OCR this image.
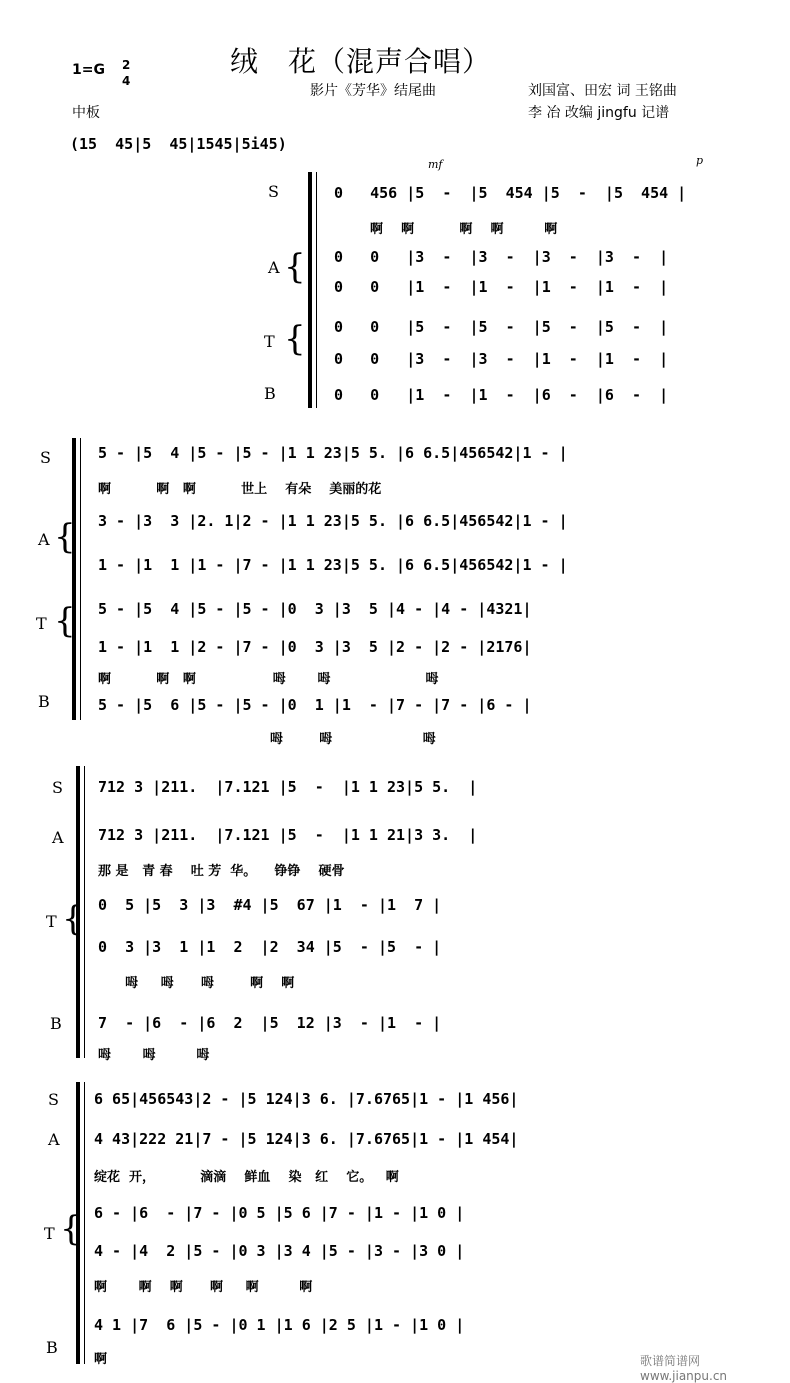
1=G 2
4
绒　花（混声合唱）
影片《芳华》结尾曲	刘国富、田宏 词 王铭曲
中板	李 冶 改编 jingfu 记谱
(15  45|5  45|1545|5i45)
S
A {
T {
B
mf	p
0   456 |5  -  |5  454 |5  -  |5  454 |
啊    啊          啊    啊         啊
0   0   |3  -  |3  -  |3  -  |3  -  |
0   0   |1  -  |1  -  |1  -  |1  -  |
0   0   |5  -  |5  -  |5  -  |5  -  |
0   0   |3  -  |3  -  |1  -  |1  -  |
0   0   |1  -  |1  -  |6  -  |6  -  |
S
A {
T {
B
5 - |5  4 |5 - |5 - |1 1 23|5 5. |6 6.5|456542|1 - |
啊          啊   啊          世上    有朵    美丽的花
3 - |3  3 |2. 1|2 - |1 1 23|5 5. |6 6.5|456542|1 - |
1 - |1  1 |1 - |7 - |1 1 23|5 5. |6 6.5|456542|1 - |
5 - |5  4 |5 - |5 - |0  3 |3  5 |4 - |4 - |4321|
1 - |1  1 |2 - |7 - |0  3 |3  5 |2 - |2 - |2176|
啊          啊   啊                 呣       呣                     呣
5 - |5  6 |5 - |5 - |0  1 |1  - |7 - |7 - |6 - |
呣        呣                    呣
S
A
T {
B
712 3 |211.  |7.121 |5  -  |1 1 23|5 5.  |
712 3 |211.  |7.121 |5  -  |1 1 21|3 3.  |
那 是   青 春    吐 芳  华。    铮铮    硬骨
0  5 |5  3 |3  #4 |5  67 |1  - |1  7 |
0  3 |3  1 |1  2  |2  34 |5  - |5  - |
呣     呣      呣        啊    啊
7  - |6  - |6  2  |5  12 |3  - |1  - |
呣       呣         呣
S
A
T {
B
6 65|456543|2 - |5 124|3 6. |7.6765|1 - |1 456|
4 43|222 21|7 - |5 124|3 6. |7.6765|1 - |1 454|
绽花  开，          滴滴    鲜血    染   红    它。   啊
6 - |6  - |7 - |0 5 |5 6 |7 - |1 - |1 0 |
4 - |4  2 |5 - |0 3 |3 4 |5 - |3 - |3 0 |
啊       啊    啊      啊     啊         啊
4 1 |7  6 |5 - |0 1 |1 6 |2 5 |1 - |1 0 |
啊	歌谱简谱网 www.jianpu.cn
